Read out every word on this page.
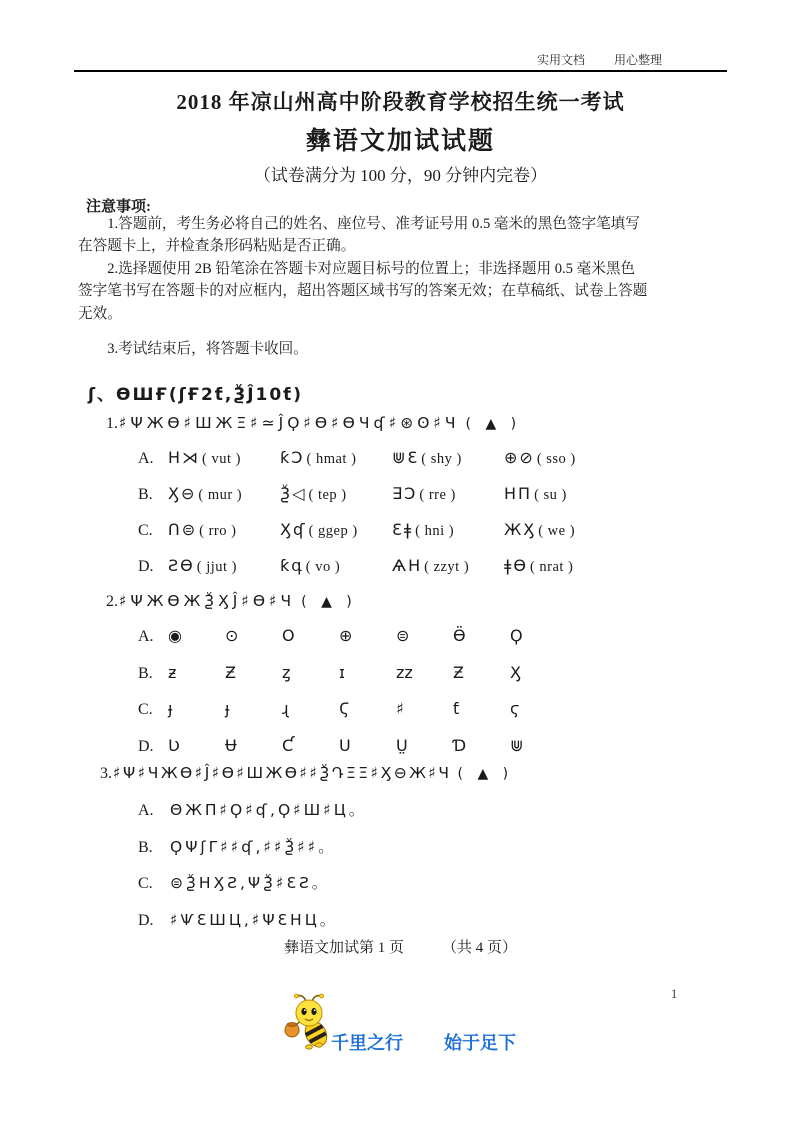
实用文档 用心整理
2018 年凉山州高中阶段教育学校招生统一考试
彝语文加试试题
（试卷满分为 100 分，90 分钟内完卷）
注意事项:
1.答题前，考生务必将自己的姓名、座位号、准考证号用 0.5 毫米的黑色签字笔填写
在答题卡上，并检查条形码粘贴是否正确。
2.选择题使用 2B 铅笔涂在答题卡对应题目标号的位置上；非选择题用 0.5 毫米黑色
签字笔书写在答题卡的对应框内，超出答题区域书写的答案无效；在草稿纸、试卷上答题
无效。
3.考试结束后，将答题卡收回。
ʃ、ѲШҒ(ʃҒ2ƭ,ѮĴ10ƭ)
1.♯ΨЖӨ♯ШЖΞ♯≃ĴϘ♯Ө♯ѲЧʠ♯⊛ʘ♯Ч ( ▲ )
A. H⋊ ( vut )	ƙƆ ( hmat )	⋓Ɛ ( shy )	⊕⊘ ( sso )
B. Ӽ⊖ ( mur )	Ѯ◁ ( tep )	∃Ɔ ( rre )	HΠ ( su )
C. Ո⊜ ( rro )	Ӽʠ ( ggep )	Ɛǂ ( hni )	ЖӼ ( we )
D. ƧƟ ( jjut )	ƙգ ( vo )	ѦH ( zzyt )	ǂƟ ( nrat )
2.♯ΨЖӨЖѮӼĴ♯Ѳ♯Ч ( ▲ )
A. ◉	⊙	O	⊕	⊜	Ӫ	Ϙ
B. ƶ	Ƶ	ȥ	ɪ	zz	Ƶ	Ӽ
C. ɟ	ɟ	ɻ	Ϛ	♯	ƭ	ϛ
D. Ʋ	Ʉ	Ƈ	Ս	Ṳ	Ɗ	⋓
3.♯Ψ♯ЧЖӨ♯Ĵ♯Ѳ♯ШЖӨ♯♯ѮԴΞΞ♯Ӽ⊖Ж♯Ч ( ▲ )
A.	ΘЖП♯Ϙ♯ʠ,Ϙ♯Ш♯Ц。
B.	ϘΨʃΓ♯♯ʠ,♯♯Ѯ♯♯。
C.	⊜ѮHӼƧ,ΨѮ♯ƐƧ。
D.	♯ѰƐШЦ,♯ΨƐHЦ。
彝语文加试第 1 页	（共 4 页）
1
千里之行 始于足下
